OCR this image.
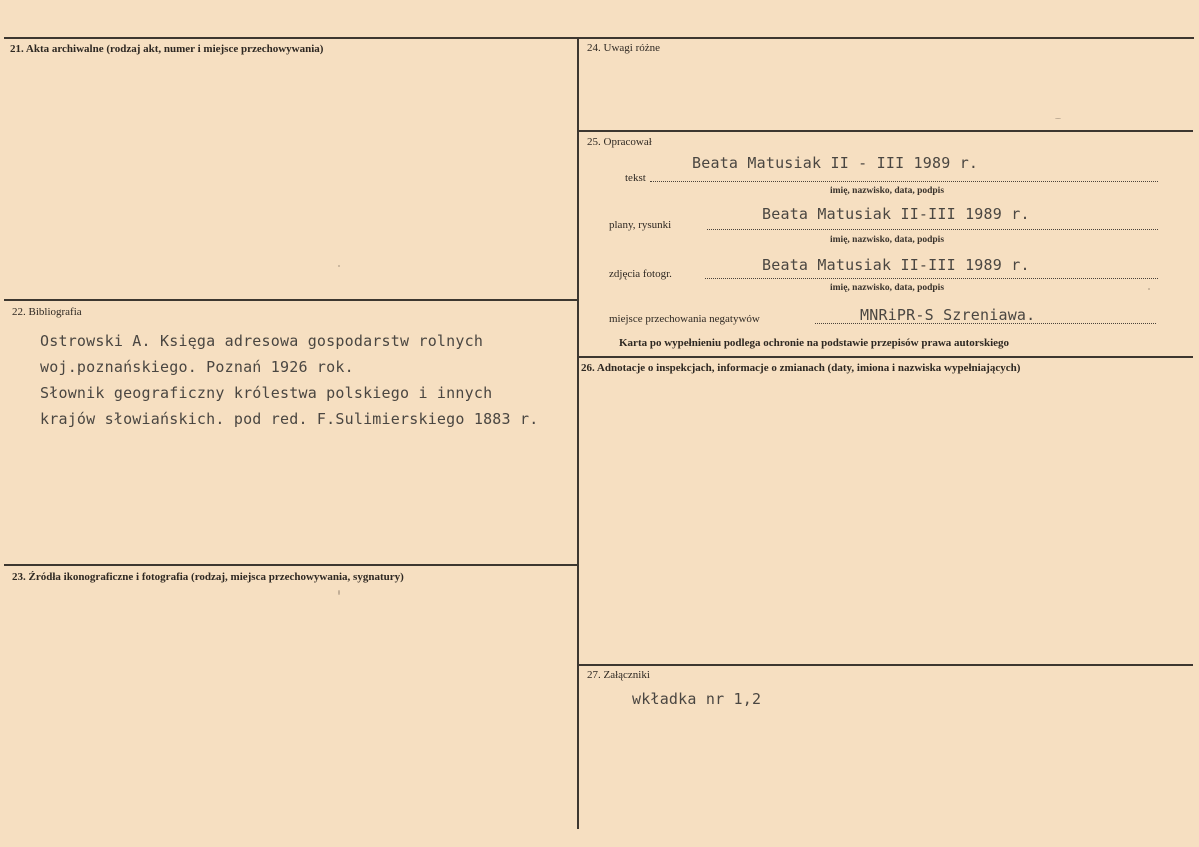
21. Akta archiwalne (rodzaj akt, numer i miejsce przechowywania)
22. Bibliografia
Ostrowski A. Księga adresowa gospodarstw rolnych
woj.poznańskiego. Poznań 1926 rok.
Słownik geograficzny królestwa polskiego i innych
krajów słowiańskich. pod red. F.Sulimierskiego 1883 r.
23. Źródła ikonograficzne i fotografia (rodzaj, miejsca przechowywania, sygnatury)
24. Uwagi różne
25. Opracował
Beata Matusiak II - III 1989 r.
tekst
imię, nazwisko, data, podpis
Beata Matusiak II-III 1989 r.
plany, rysunki
imię, nazwisko, data, podpis
Beata Matusiak II-III 1989 r.
zdjęcia fotogr.
imię, nazwisko, data, podpis
miejsce przechowania negatywów	MNRiPR-S Szreniawa.
Karta po wypełnieniu podlega ochronie na podstawie przepisów prawa autorskiego
26. Adnotacje o inspekcjach, informacje o zmianach (daty, imiona i nazwiska wypełniających)
27. Załączniki
wkładka nr 1,2
